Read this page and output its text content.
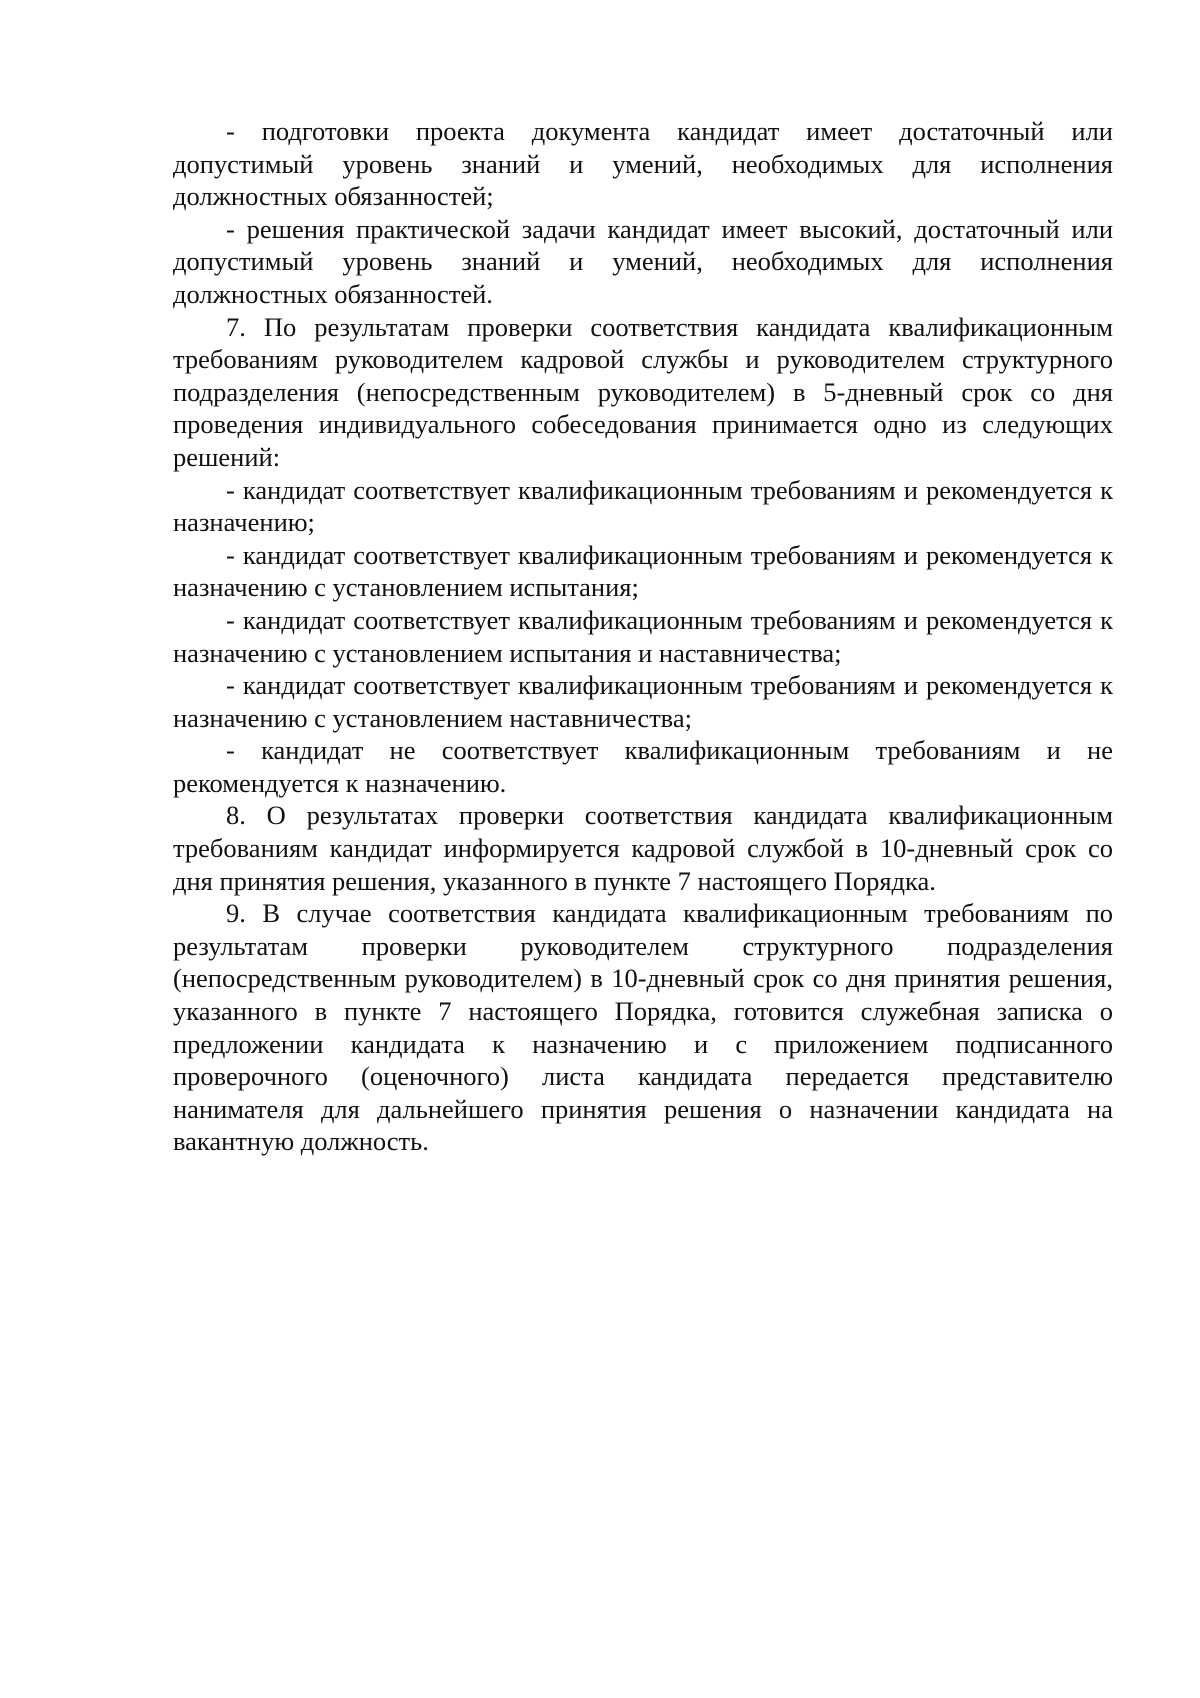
- подготовки проекта документа кандидат имеет достаточный или допустимый уровень знаний и умений, необходимых для исполнения должностных обязанностей;

- решения практической задачи кандидат имеет высокий, достаточный или допустимый уровень знаний и умений, необходимых для исполнения должностных обязанностей.

7. По результатам проверки соответствия кандидата квалификационным требованиям руководителем кадровой службы и руководителем структурного подразделения (непосредственным руководителем) в 5-дневный срок со дня проведения индивидуального собеседования принимается одно из следующих решений:

- кандидат соответствует квалификационным требованиям и рекомендуется к назначению;

- кандидат соответствует квалификационным требованиям и рекомендуется к назначению с установлением испытания;

- кандидат соответствует квалификационным требованиям и рекомендуется к назначению с установлением испытания и наставничества;

- кандидат соответствует квалификационным требованиям и рекомендуется к назначению с установлением наставничества;

- кандидат не соответствует квалификационным требованиям и не рекомендуется к назначению.

8. О результатах проверки соответствия кандидата квалификационным требованиям кандидат информируется кадровой службой в 10-дневный срок со дня принятия решения, указанного в пункте 7 настоящего Порядка.

9. В случае соответствия кандидата квалификационным требованиям по результатам проверки руководителем структурного подразделения (непосредственным руководителем) в 10-дневный срок со дня принятия решения, указанного в пункте 7 настоящего Порядка, готовится служебная записка о предложении кандидата к назначению и с приложением подписанного проверочного (оценочного) листа кандидата передается представителю нанимателя для дальнейшего принятия решения о назначении кандидата на вакантную должность.
